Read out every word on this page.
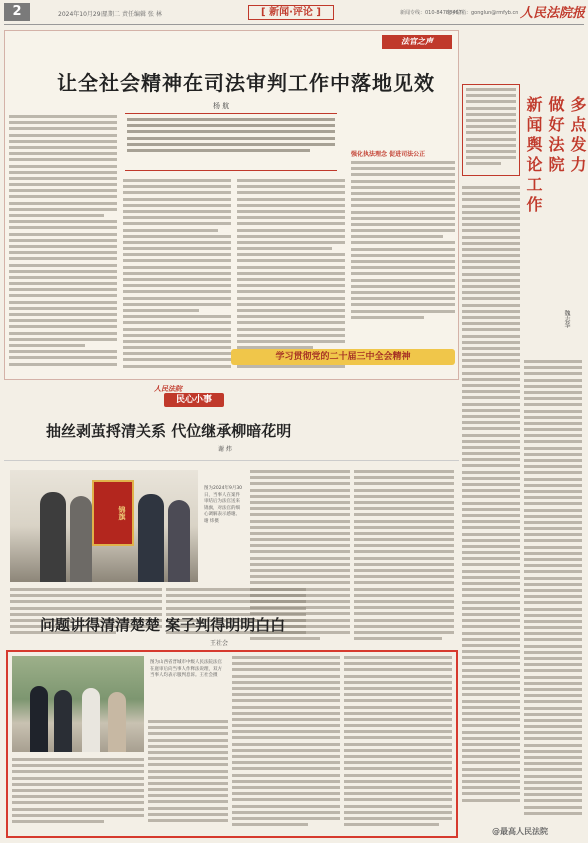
2	2024年10月29日
星期二 责任编辑 张 林	[ 新闻·评论 ]	新闻专线：010-84788467
电子信箱：gonglun@rmfyb.cn 人民法院报
法官之声
让全社会精神在司法审判工作中落地见效
杨 航
强化执法理念 促进司法公正
学习贯彻党的二十届三中全会精神
多点发力
做好法院
新闻舆论工作
魏志华
人民法院
民心小事
抽丝剥茧捋清关系 代位继承柳暗花明
谢 炜
锦旗
图为2024年9月30日，当事人在案件审结后为法官送来锦旗，对法官的细心调解表示感谢。 谢 炜摄
问题讲得清清楚楚 案子判得明明白白
王社会
图为山西省晋城市中级人民法院法官在庭审后向当事人作释法说理，双方当事人均表示服判息诉。王社会摄
@最高人民法院
